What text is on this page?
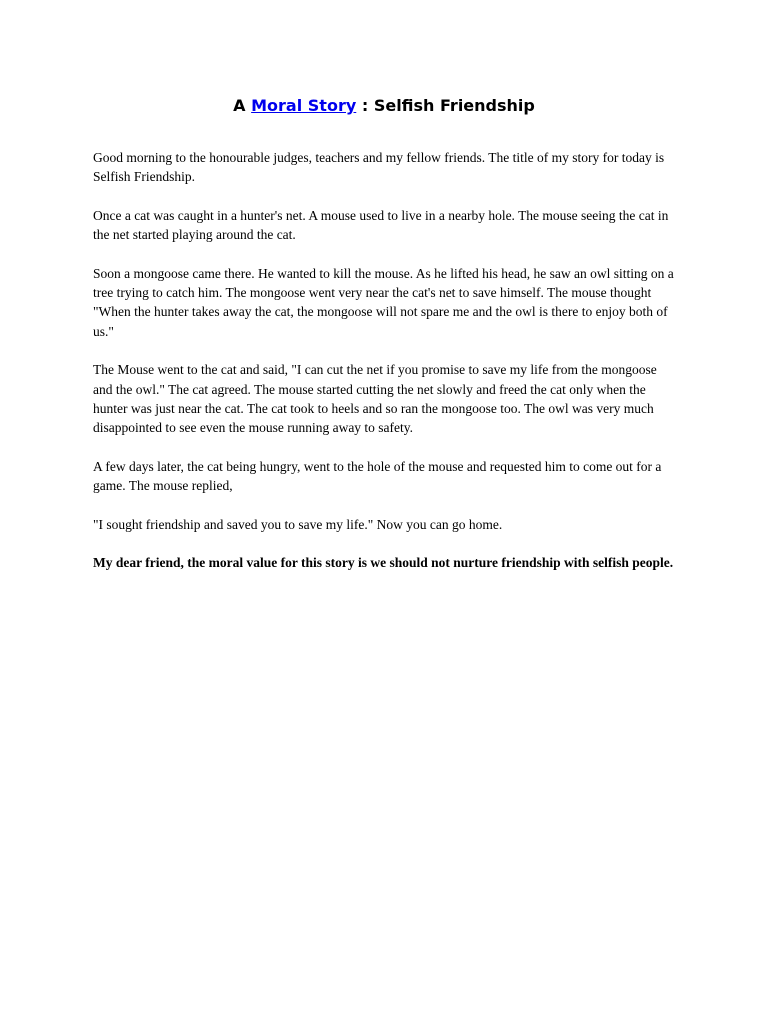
A Moral Story : Selfish Friendship

Good morning to the honourable judges, teachers and my fellow friends. The title of my story for today is Selfish Friendship.

Once a cat was caught in a hunter's net. A mouse used to live in a nearby hole. The mouse seeing the cat in the net started playing around the cat.

Soon a mongoose came there. He wanted to kill the mouse. As he lifted his head, he saw an owl sitting on a tree trying to catch him. The mongoose went very near the cat's net to save himself. The mouse thought "When the hunter takes away the cat, the mongoose will not spare me and the owl is there to enjoy both of us."

The Mouse went to the cat and said, "I can cut the net if you promise to save my life from the mongoose and the owl." The cat agreed. The mouse started cutting the net slowly and freed the cat only when the hunter was just near the cat. The cat took to heels and so ran the mongoose too. The owl was very much disappointed to see even the mouse running away to safety.

A few days later, the cat being hungry, went to the hole of the mouse and requested him to come out for a game. The mouse replied,

"I sought friendship and saved you to save my life." Now you can go home.

My dear friend, the moral value for this story is we should not nurture friendship with selfish people.
